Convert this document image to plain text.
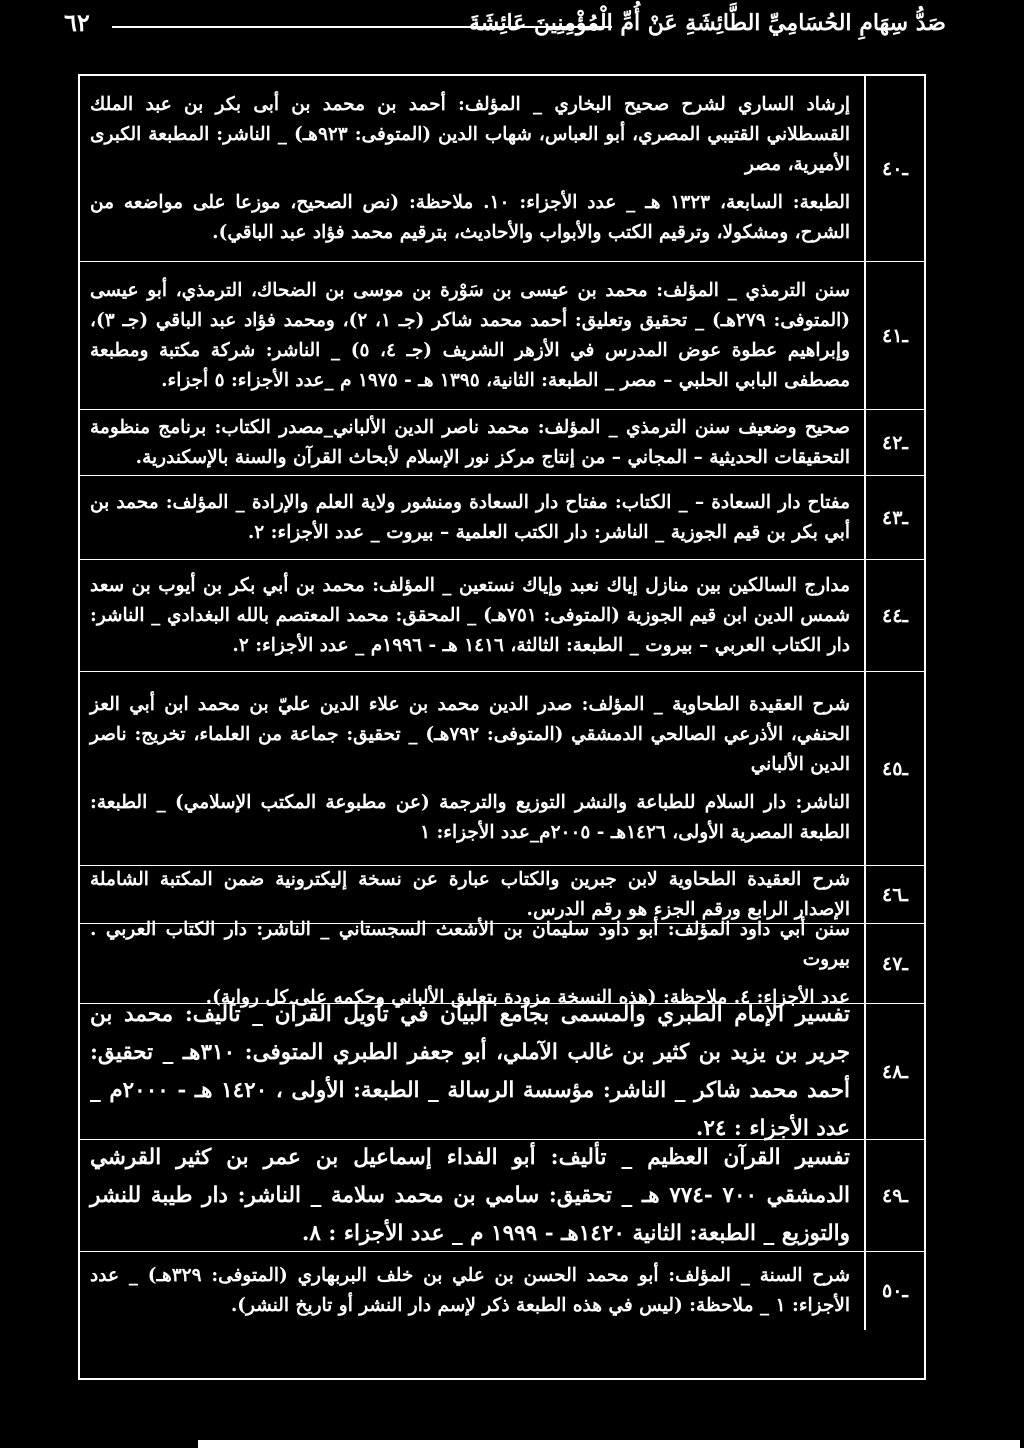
صَدُّ سِهَامِ الحُسَامِيِّ الطَّائِشَةِ عَنْ أُمِّ الْمُؤْمِنِينَ عَائِشَةَ
٦٢
ـ٤٠
إرشاد الساري لشرح صحيح البخاري _ المؤلف: أحمد بن محمد بن أبى بكر بن عبد الملك القسطلاني القتيبي المصري، أبو العباس، شهاب الدين (المتوفى: ٩٢٣هـ) _ الناشر: المطبعة الكبرى الأميرية، مصر
الطبعة: السابعة، ١٣٢٣ هـ _ عدد الأجزاء: ١٠. ملاحظة: (نص الصحيح، موزعا على مواضعه من الشرح، ومشكولا، وترقيم الكتب والأبواب والأحاديث، بترقيم محمد فؤاد عبد الباقي).
ـ٤١
سنن الترمذي _ المؤلف: محمد بن عيسى بن سَوْرة بن موسى بن الضحاك، الترمذي، أبو عيسى (المتوفى: ٢٧٩هـ) _ تحقيق وتعليق: أحمد محمد شاكر (جـ ١، ٢)، ومحمد فؤاد عبد الباقي (جـ ٣)، وإبراهيم عطوة عوض المدرس في الأزهر الشريف (جـ ٤، ٥) _ الناشر: شركة مكتبة ومطبعة مصطفى البابي الحلبي – مصر _ الطبعة: الثانية، ١٣٩٥ هـ - ١٩٧٥ م _عدد الأجزاء: ٥ أجزاء.
ـ٤٢
صحيح وضعيف سنن الترمذي _ المؤلف: محمد ناصر الدين الألباني_مصدر الكتاب: برنامج منظومة التحقيقات الحديثية – المجاني – من إنتاج مركز نور الإسلام لأبحاث القرآن والسنة بالإسكندرية.
ـ٤٣
مفتاح دار السعادة – _ الكتاب: مفتاح دار السعادة ومنشور ولاية العلم والإرادة _ المؤلف: محمد بن أبي بكر بن قيم الجوزية _ الناشر: دار الكتب العلمية – بيروت _ عدد الأجزاء: ٢.
ـ٤٤
مدارج السالكين بين منازل إياك نعبد وإياك نستعين _ المؤلف: محمد بن أبي بكر بن أيوب بن سعد شمس الدين ابن قيم الجوزية (المتوفى: ٧٥١هـ) _ المحقق: محمد المعتصم بالله البغدادي _ الناشر: دار الكتاب العربي – بيروت _ الطبعة: الثالثة، ١٤١٦ هـ - ١٩٩٦م _ عدد الأجزاء: ٢.
ـ٤٥
شرح العقيدة الطحاوية _ المؤلف: صدر الدين محمد بن علاء الدين عليّ بن محمد ابن أبي العز الحنفي، الأذرعي الصالحي الدمشقي (المتوفى: ٧٩٢هـ) _ تحقيق: جماعة من العلماء، تخريج: ناصر الدين الألباني
الناشر: دار السلام للطباعة والنشر التوزيع والترجمة (عن مطبوعة المكتب الإسلامي) _ الطبعة: الطبعة المصرية الأولى، ١٤٢٦هـ - ٢٠٠٥م_عدد الأجزاء: ١
ـ٤٦
شرح العقيدة الطحاوية لابن جبرين والكتاب عبارة عن نسخة إليكترونية ضمن المكتبة الشاملة الإصدار الرابع ورقم الجزء هو رقم الدرس.
ـ٤٧
سنن أبي داود المؤلف: أبو داود سليمان بن الأشعث السجستاني _ الناشر: دار الكتاب العربي . بيروت
عدد الأجزاء: ٤. ملاحظة: (هذه النسخة مزودة بتعليق الألباني وحكمه على كل رواية).
ـ٤٨
تفسير الإمام الطبري والمسمى بجامع البيان في تأويل القرآن _ تاليف: محمد بن جرير بن يزيد بن كثير بن غالب الآملي، أبو جعفر الطبري المتوفى: ٣١٠هـ _ تحقيق: أحمد محمد شاكر _ الناشر: مؤسسة الرسالة _ الطبعة: الأولى ، ١٤٢٠ هـ - ٢٠٠٠م _ عدد الأجزاء : ٢٤.
ـ٤٩
تفسير القرآن العظيم _ تأليف: أبو الفداء إسماعيل بن عمر بن كثير القرشي الدمشقي ٧٠٠ -٧٧٤ هـ _ تحقيق: سامي بن محمد سلامة _ الناشر: دار طيبة للنشر والتوزيع _ الطبعة: الثانية ١٤٢٠هـ - ١٩٩٩ م _ عدد الأجزاء : ٨.
ـ٥٠
شرح السنة _ المؤلف: أبو محمد الحسن بن علي بن خلف البربهاري (المتوفى: ٣٢٩هـ) _ عدد الأجزاء: ١ _ ملاحظة: (ليس في هذه الطبعة ذكر لإسم دار النشر أو تاريخ النشر).
